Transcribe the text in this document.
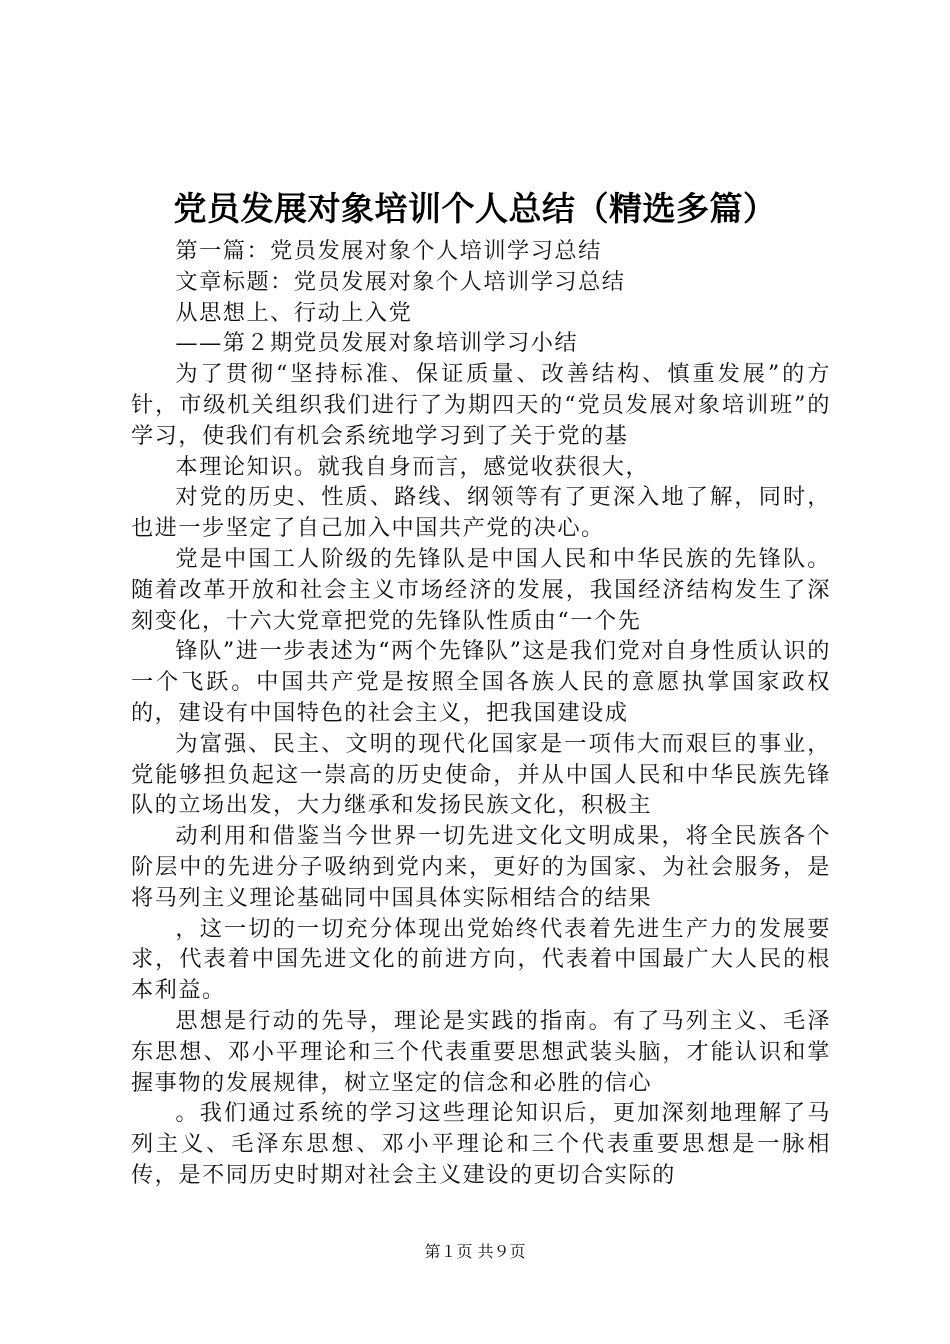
党员发展对象培训个人总结（精选多篇）

第一篇：党员发展对象个人培训学习总结

文章标题：党员发展对象个人培训学习总结

从思想上、行动上入党

——第２期党员发展对象培训学习小结

为了贯彻“坚持标准、保证质量、改善结构、慎重发展”的方针，市级机关组织我们进行了为期四天的“党员发展对象培训班”的学习，使我们有机会系统地学习到了关于党的基

本理论知识。就我自身而言，感觉收获很大，

对党的历史、性质、路线、纲领等有了更深入地了解，同时，也进一步坚定了自己加入中国共产党的决心。

党是中国工人阶级的先锋队是中国人民和中华民族的先锋队。随着改革开放和社会主义市场经济的发展，我国经济结构发生了深刻变化，十六大党章把党的先锋队性质由“一个先

锋队”进一步表述为“两个先锋队”这是我们党对自身性质认识的一个飞跃。中国共产党是按照全国各族人民的意愿执掌国家政权的，建设有中国特色的社会主义，把我国建设成

为富强、民主、文明的现代化国家是一项伟大而艰巨的事业，党能够担负起这一崇高的历史使命，并从中国人民和中华民族先锋队的立场出发，大力继承和发扬民族文化，积极主

动利用和借鉴当今世界一切先进文化文明成果，将全民族各个阶层中的先进分子吸纳到党内来，更好的为国家、为社会服务，是将马列主义理论基础同中国具体实际相结合的结果

，这一切的一切充分体现出党始终代表着先进生产力的发展要求，代表着中国先进文化的前进方向，代表着中国最广大人民的根本利益。

思想是行动的先导，理论是实践的指南。有了马列主义、毛泽东思想、邓小平理论和三个代表重要思想武装头脑，才能认识和掌握事物的发展规律，树立坚定的信念和必胜的信心

。我们通过系统的学习这些理论知识后，更加深刻地理解了马列主义、毛泽东思想、邓小平理论和三个代表重要思想是一脉相传，是不同历史时期对社会主义建设的更切合实际的

第１页 共９页
